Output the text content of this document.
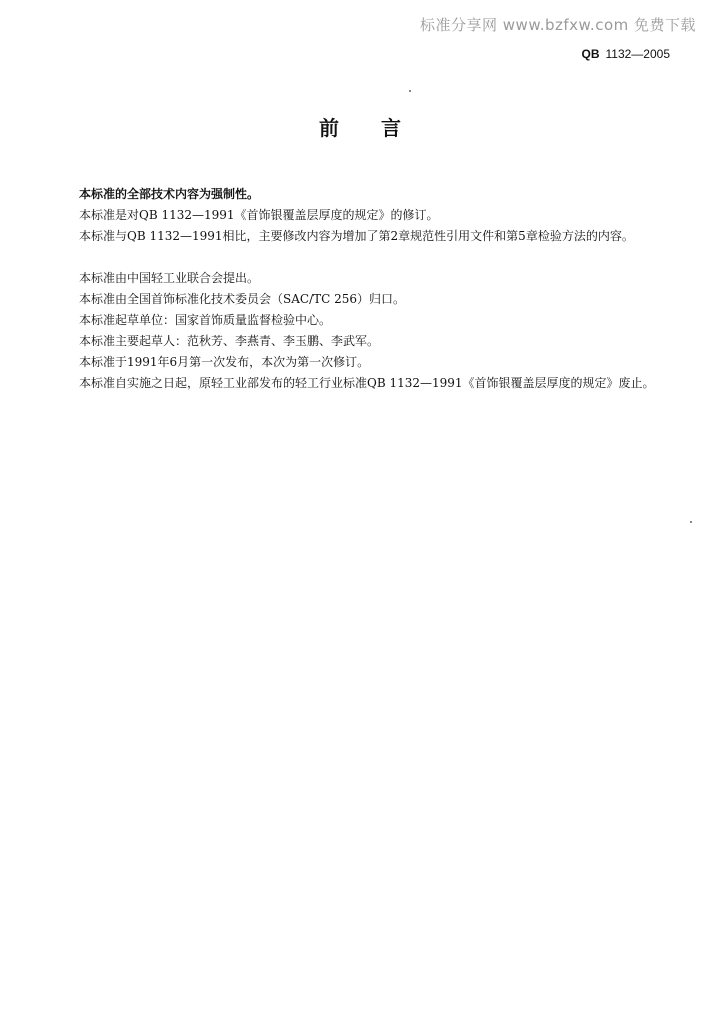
标准分享网 www.bzfxw.com 免费下载
QB 1132—2005
前言

本标准的全部技术内容为强制性。

本标准是对QB 1132—1991《首饰银覆盖层厚度的规定》的修订。

本标准与QB 1132—1991相比，主要修改内容为增加了第2章规范性引用文件和第5章检验方法的内容。

本标准由中国轻工业联合会提出。

本标准由全国首饰标准化技术委员会（SAC/TC 256）归口。

本标准起草单位：国家首饰质量监督检验中心。

本标准主要起草人：范秋芳、李燕青、李玉鹏、李武军。

本标准于1991年6月第一次发布，本次为第一次修订。

本标准自实施之日起，原轻工业部发布的轻工行业标准QB 1132—1991《首饰银覆盖层厚度的规定》废止。
